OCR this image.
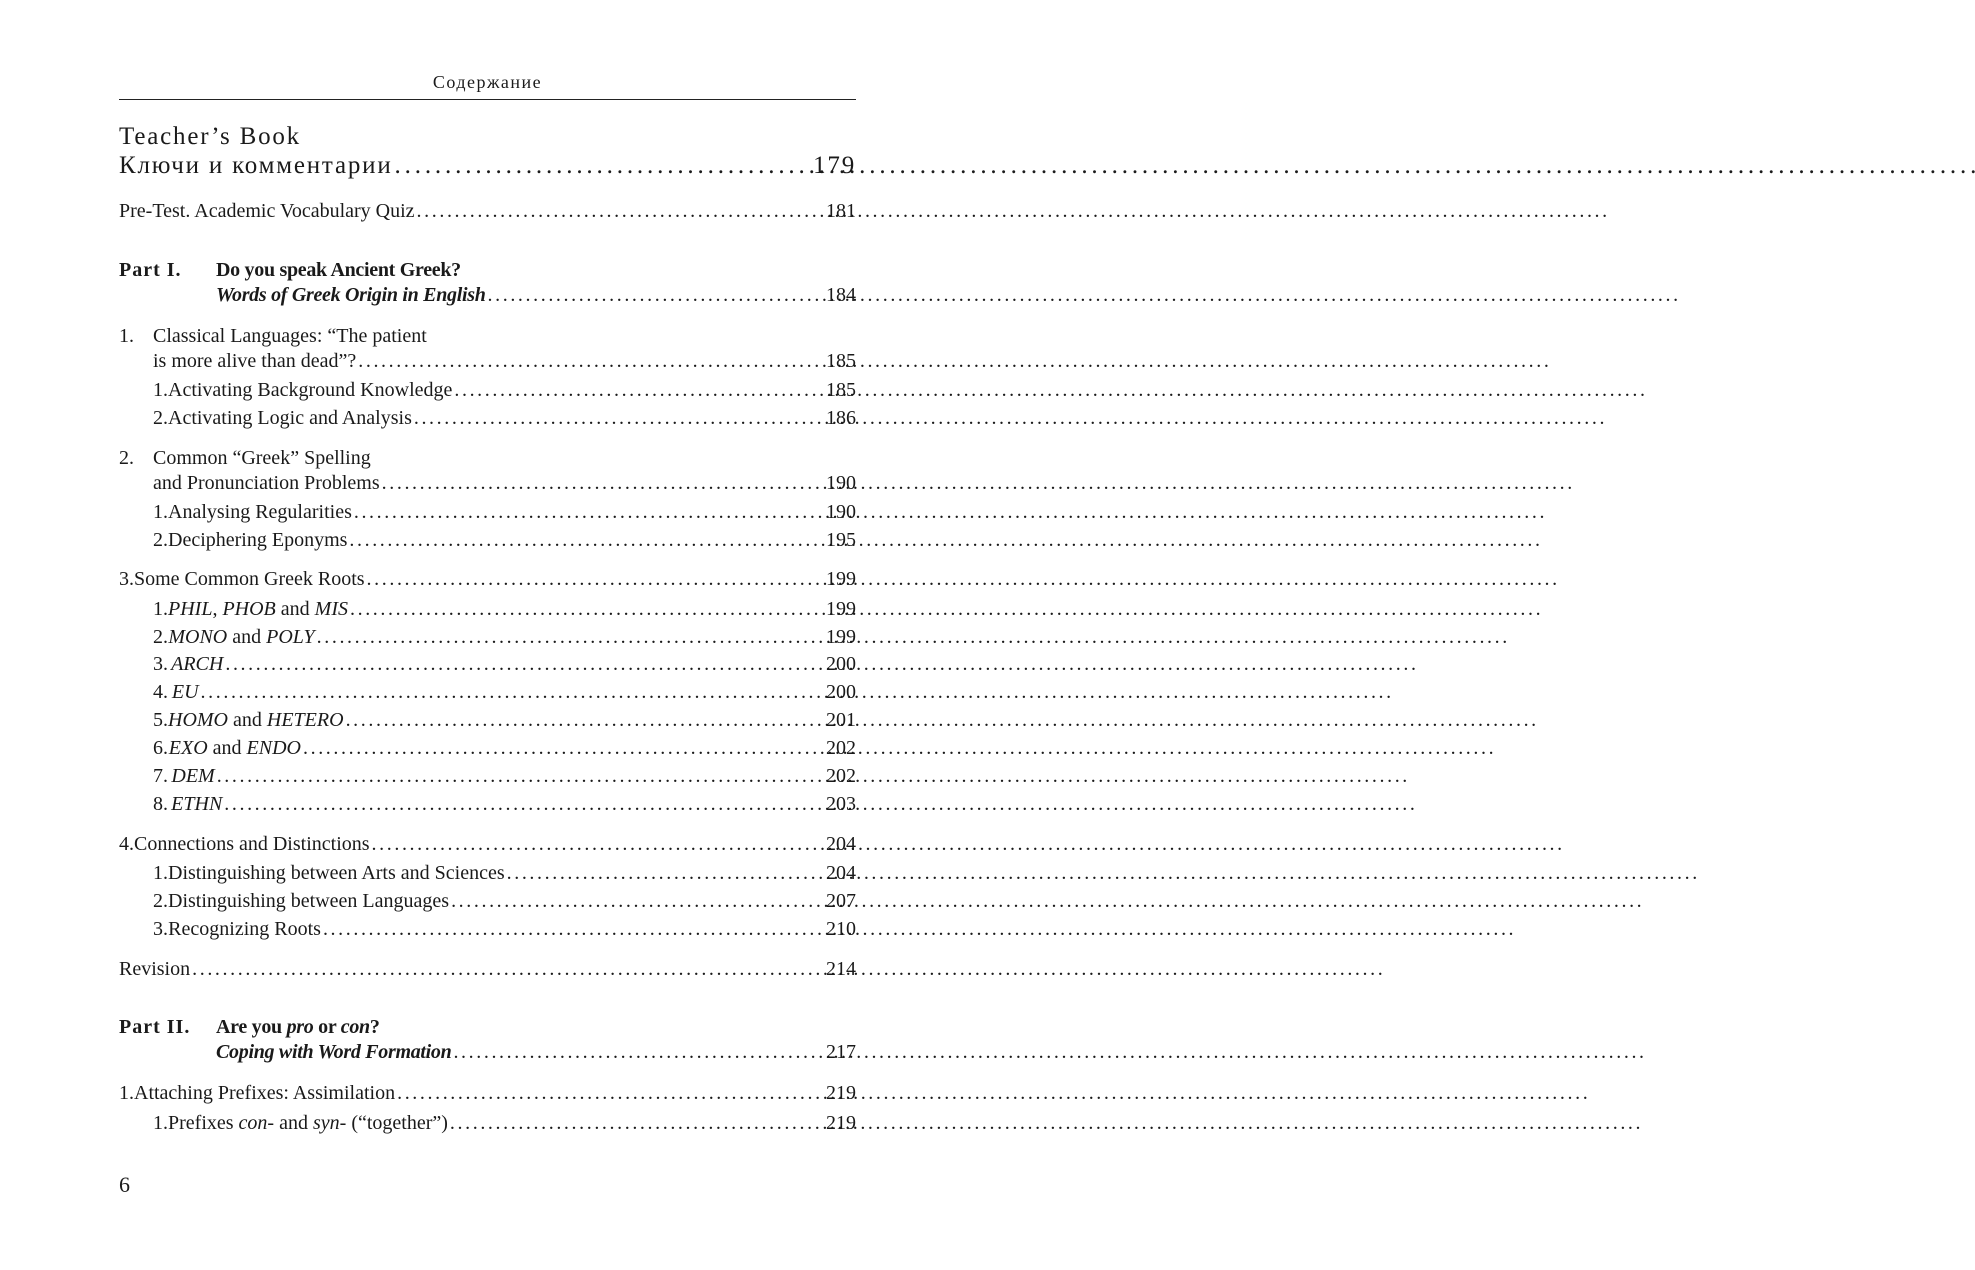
Содержание
Teacher’s Book
Ключи и комментарии . . .	179
Pre-Test. Academic Vocabulary Quiz . . .	181
Part I. Do you speak Ancient Greek?
Words of Greek Origin in English . . .	184
1. Classical Languages: “The patient
is more alive than dead”? . . .	185
1. Activating Background Knowledge . . .	185
2. Activating Logic and Analysis . . .	186
2. Common “Greek” Spelling
and Pronunciation Problems . . .	190
1. Analysing Regularities . . .	190
2. Deciphering Eponyms . . .	195
3. Some Common Greek Roots . . .	199
1. PHIL, PHOB and MIS . . .	199
2. MONO and POLY . . .	199
3. ARCH . . .	200
4. EU . . .	200
5. HOMO and HETERO . . .	201
6. EXO and ENDO . . .	202
7. DEM . . .	202
8. ETHN . . .	203
4. Connections and Distinctions . . .	204
1. Distinguishing between Arts and Sciences . . .	204
2. Distinguishing between Languages . . .	207
3. Recognizing Roots . . .	210
Revision . . .	214
Part II. Are you pro or con?
Coping with Word Formation . . .	217
1. Attaching Prefixes: Assimilation . . .	219
1. Prefixes con- and syn- (“together”) . . .	219
6
